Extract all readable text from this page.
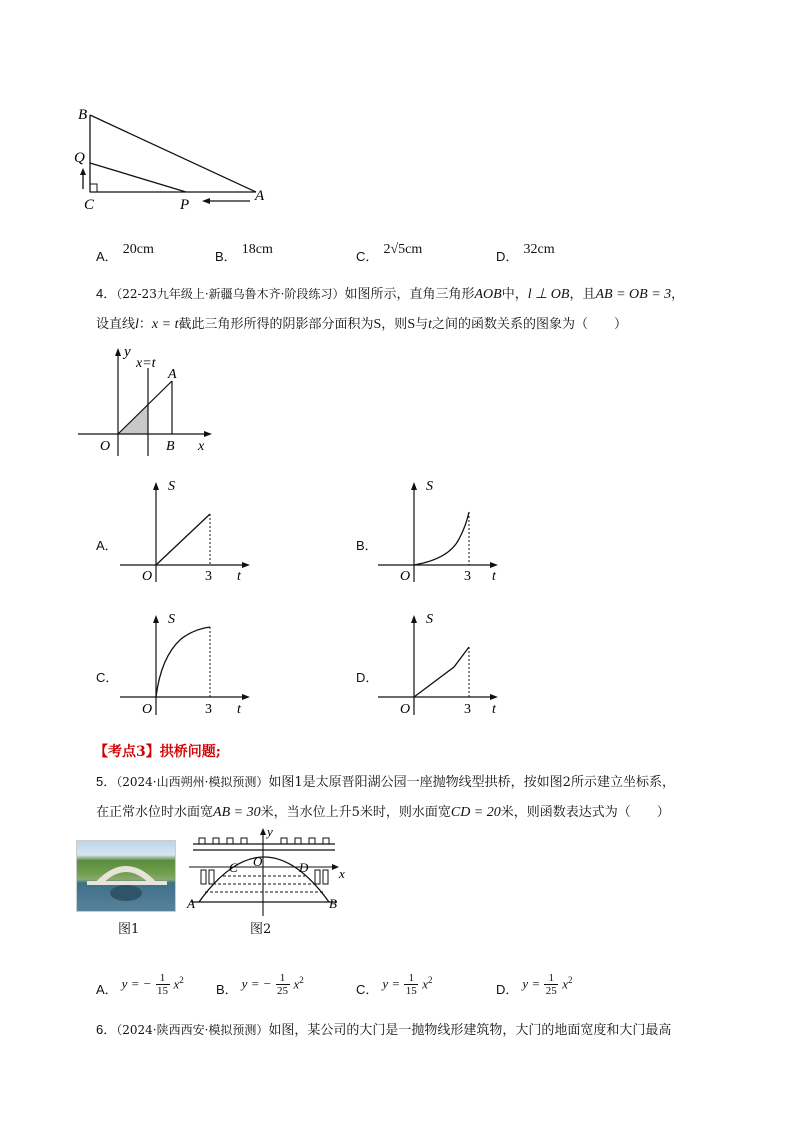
B
Q
C	P
A
$_{A.}$ 20cm	$_{B.}$ 18cm	$_{C.}$ 2√5cm	$_{D.}$ 32cm
4．（22-23九年级上·新疆乌鲁木齐·阶段练习）如图所示，直角三角形AOB中，l ⊥ OB，且AB = OB = 3，
设直线l：x = t截此三角形所得的阴影部分面积为S，则S与t之间的函数关系的图象为（　　）
y
x=t
A
O	B x
A．
S
O	3 t
B．
S
O	3 t
C．
S
O	3 t
D．
S
O	3 t
【考点3】拱桥问题;
5．（2024·山西朔州·模拟预测）如图1是太原晋阳湖公园一座抛物线型拱桥，按如图2所示建立坐标系，
在正常水位时水面宽AB = 30米，当水位上升5米时，则水面宽CD = 20米，则函数表达式为（　　）
图1
y
O
C	D x
A	B
图2
A． y = − 1
15 $x^2$
B． y = − 1
25 $x^2$
C． y = 1
15 $x^2$
D． y = 1
25 $x^2$
6．（2024·陕西西安·模拟预测）如图，某公司的大门是一抛物线形建筑物，大门的地面宽度和大门最高
